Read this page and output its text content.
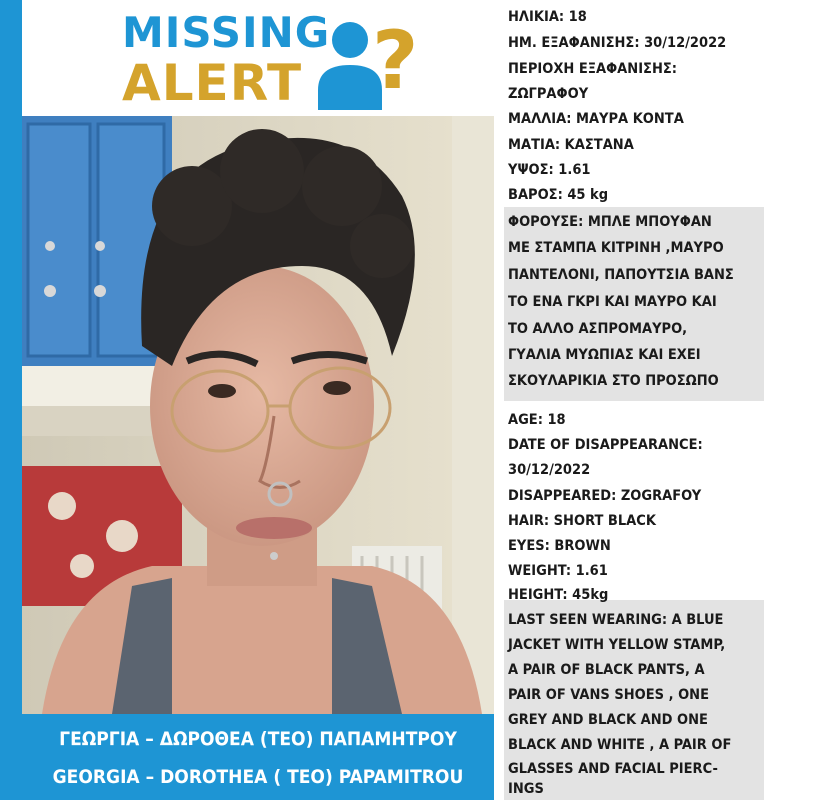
MISSING
ALERT ?
ΓΕΩΡΓΙΑ – ΔΩΡΟΘΕΑ (ΤΕΟ) ΠΑΠΑΜΗΤΡΟΥ
GEORGIA – DOROTHEA ( TEO) PAPAMITROU
ΗΛΙΚΙΑ: 18
ΗΜ. ΕΞΑΦΑΝΙΣΗΣ: 30/12/2022
ΠΕΡΙΟΧΗ ΕΞΑΦΑΝΙΣΗΣ:
ΖΩΓΡΑΦΟΥ
ΜΑΛΛΙΑ: ΜΑΥΡΑ ΚΟΝΤΑ
ΜΑΤΙΑ: ΚΑΣΤΑΝΑ
ΥΨΟΣ: 1.61
ΒΑΡΟΣ: 45 kg
ΦΟΡΟΥΣΕ: ΜΠΛΕ ΜΠΟΥΦΑΝ
ΜΕ ΣΤΑΜΠΑ ΚΙΤΡΙΝΗ ,ΜΑΥΡΟ
ΠΑΝΤΕΛΟΝΙ, ΠΑΠΟΥΤΣΙΑ ΒΑΝΣ
ΤΟ ΕΝΑ ΓΚΡΙ ΚΑΙ ΜΑΥΡΟ ΚΑΙ
ΤΟ ΑΛΛΟ ΑΣΠΡΟΜΑΥΡΟ,
ΓΥΑΛΙΑ ΜΥΩΠΙΑΣ ΚΑΙ ΕΧΕΙ
ΣΚΟΥΛΑΡΙΚΙΑ ΣΤΟ ΠΡΟΣΩΠΟ
AGE: 18
DATE OF DISAPPEARANCE:
30/12/2022
DISAPPEARED: ZOGRAFOY
HAIR: SHORT BLACK
EYES: BROWN
WEIGHT: 1.61
HEIGHT: 45kg
LAST SEEN WEARING: A BLUE
JACKET WITH YELLOW STAMP,
A PAIR OF BLACK PANTS, A
PAIR OF VANS SHOES , ONE
GREY AND BLACK AND ONE
BLACK AND WHITE , A PAIR OF
GLASSES AND FACIAL PIERC-
INGS
